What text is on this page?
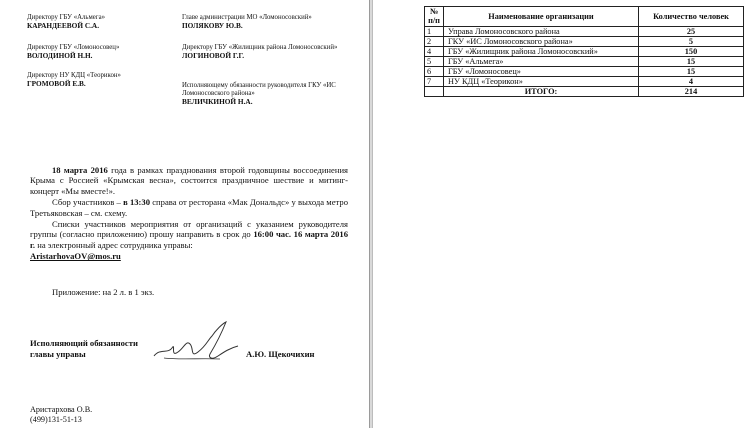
Директору ГБУ «Альмега»
КАРАНДЕЕВОЙ С.А.
Директору ГБУ «Ломоносовец»
ВОЛОДИНОЙ Н.Н.
Директору НУ КДЦ «Теорикон»
ГРОМОВОЙ Е.В.
Главе администрации МО «Ломоносовский»
ПОЛЯКОВУ Ю.В.
Директору ГБУ «Жилищник района Ломоносовский»
ЛОГИНОВОЙ Г.Г.
Исполняющему обязанности руководителя ГКУ «ИС Ломоносовского района»
ВЕЛИЧКИНОЙ Н.А.

18 марта 2016 года в рамках празднования второй годовщины воссоединения Крыма с Россией «Крымская весна», состоится праздничное шествие и митинг-концерт «Мы вместе!».

Сбор участников – в 13:30 справа от ресторана «Мак Дональдс» у выхода метро Третьяковская – см. схему.

Списки участников мероприятия от организаций с указанием руководителя группы (согласно приложению) прошу направить в срок до 16:00 час. 16 марта 2016 г. на электронный адрес сотрудника управы:

AristarhovaOV@mos.ru

Приложение: на 2 л. в 1 экз.
Исполняющий обязанности
главы управы	А.Ю. Щекочихин
Аристархова О.В.
(499)131-51-13
№ п/п	Наименование организации	Количество человек
1	Управа Ломоносовского района	25
2	ГКУ «ИС Ломоносовского района»	5
4	ГБУ «Жилищник района Ломоносовский»	150
5	ГБУ «Альмега»	15
6	ГБУ «Ломоносовец»	15
7	НУ КДЦ «Теорикон»	4
	ИТОГО:	214
